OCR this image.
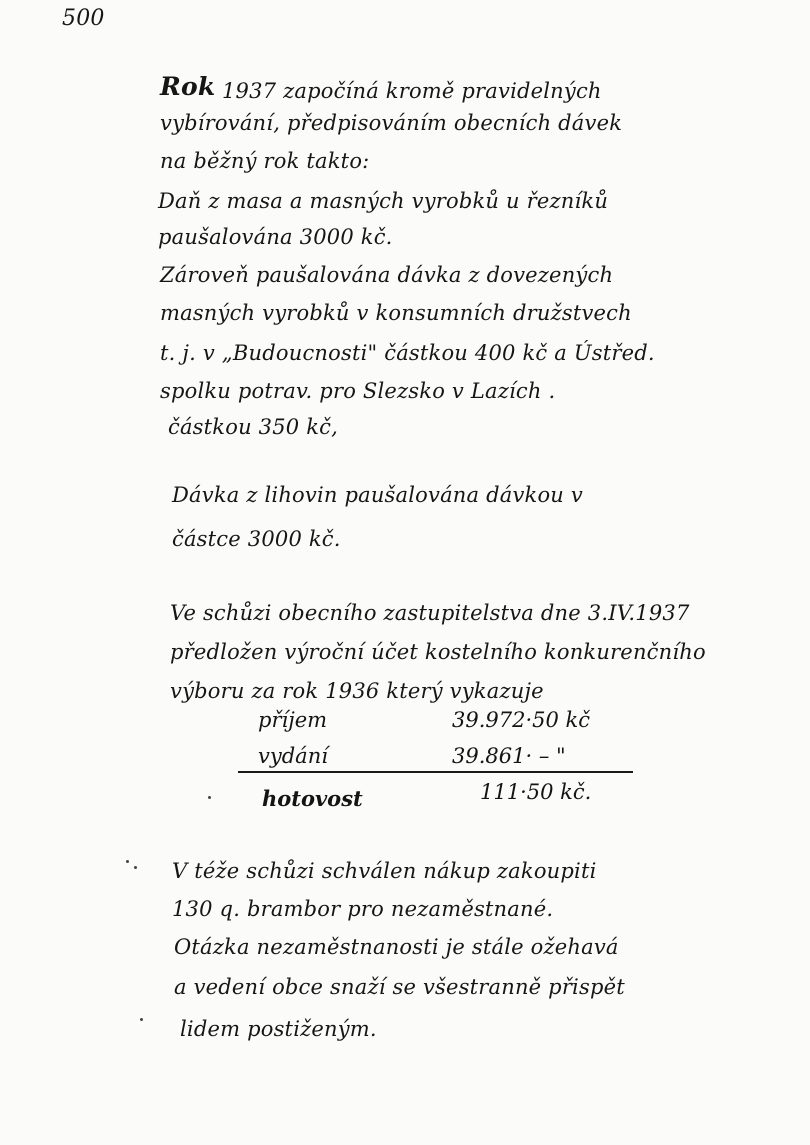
500
Rok 1937 započíná kromě pravidelných
vybírování, předpisováním obecních dávek
na běžný rok takto:
Daň z masa a masných vyrobků u řezníků
paušalována 3000 kč.
Zároveň paušalována dávka z dovezených
masných vyrobků v konsumních družstvech
t. j. v „Budoucnosti" částkou 400 kč a Ústřed.
spolku potrav. pro Slezsko v Lazích .
částkou 350 kč,
Dávka z lihovin paušalována dávkou v
částce 3000 kč.
Ve schůzi obecního zastupitelstva dne 3.IV.1937
předložen výroční účet kostelního konkurenčního
výboru za rok 1936 který vykazuje
příjem	39.972·50 kč
vydání	39.861· – "
hotovost	111·50 kč.
V téže schůzi schválen nákup zakoupiti
130 q. brambor pro nezaměstnané.
Otázka nezaměstnanosti je stále ožehavá
a vedení obce snaží se všestranně přispět
lidem postiženým.
